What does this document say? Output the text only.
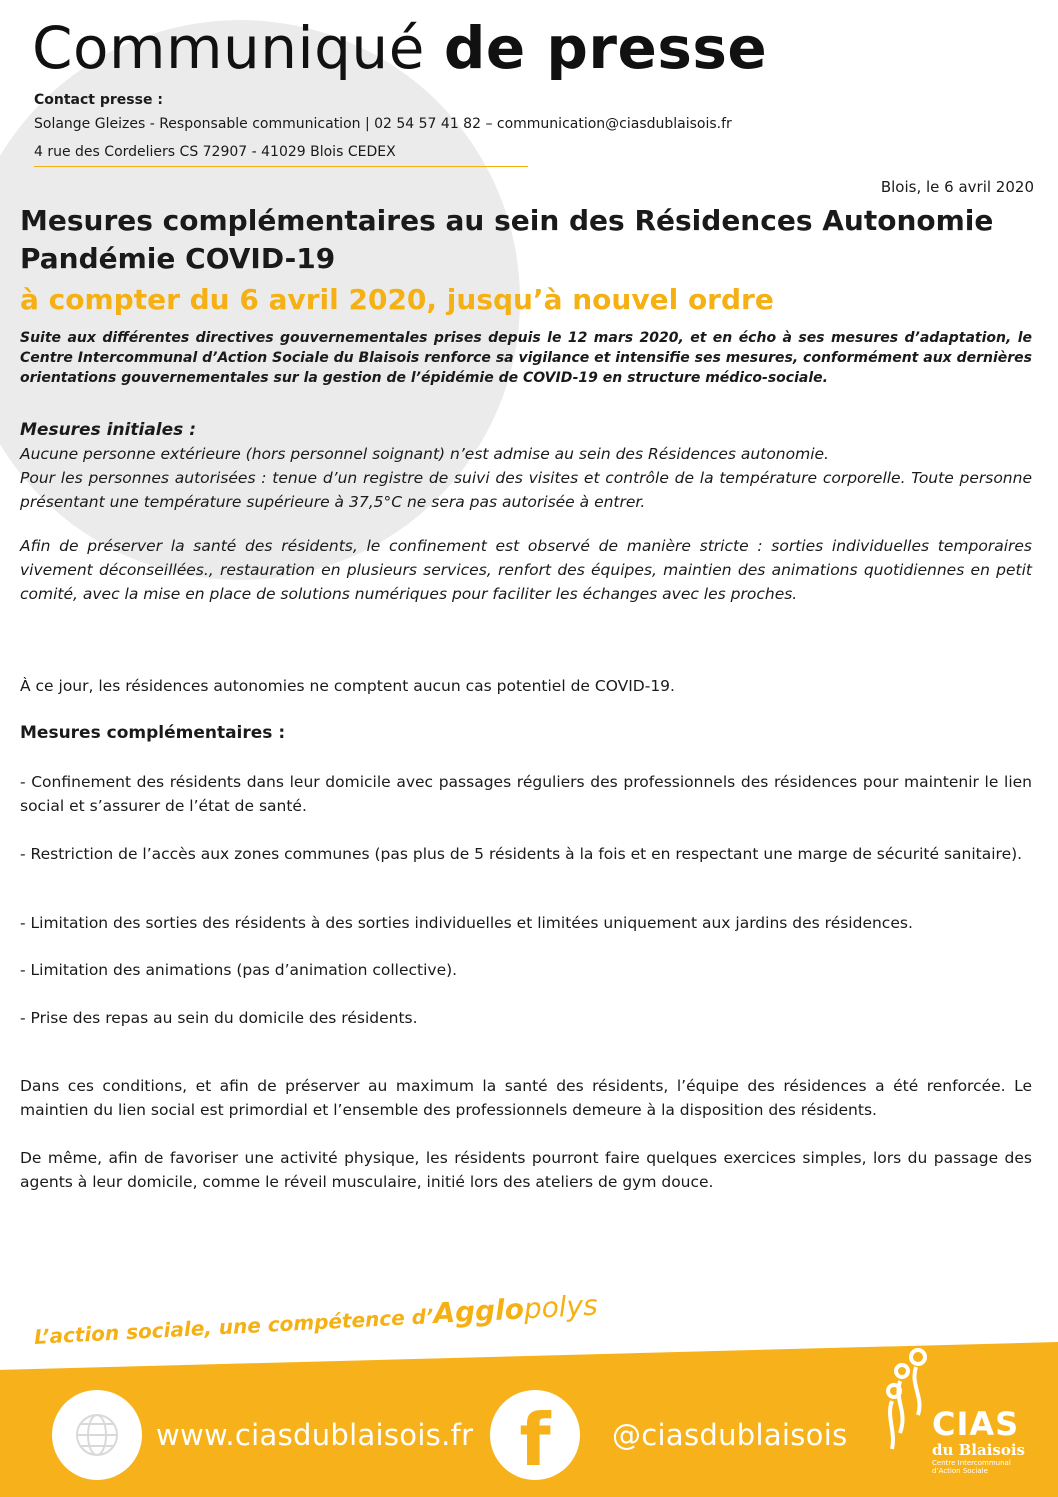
Communiqué de presse
Contact presse :
Solange Gleizes - Responsable communication | 02 54 57 41 82 – communication@ciasdublaisois.fr
4 rue des Cordeliers CS 72907 - 41029 Blois CEDEX
Blois, le 6 avril 2020
Mesures complémentaires au sein des Résidences Autonomie
Pandémie COVID-19
à compter du 6 avril 2020, jusqu’à nouvel ordre

Suite aux différentes directives gouvernementales prises depuis le 12 mars 2020, et en écho à ses mesures d’adaptation, le Centre Intercommunal d’Action Sociale du Blaisois renforce sa vigilance et intensifie ses mesures, conformément aux dernières orientations gouvernementales sur la gestion de l’épidémie de COVID-19 en structure médico-sociale.

Mesures initiales :

Aucune personne extérieure (hors personnel soignant) n’est admise au sein des Résidences autonomie.

Pour les personnes autorisées : tenue d’un registre de suivi des visites et contrôle de la température corporelle. Toute personne présentant une température supérieure à 37,5°C ne sera pas autorisée à entrer.

Afin de préserver la santé des résidents, le confinement est observé de manière stricte : sorties individuelles temporaires vivement déconseillées., restauration en plusieurs services, renfort des équipes, maintien des animations quotidiennes en petit comité, avec la mise en place de solutions numériques pour faciliter les échanges avec les proches.

À ce jour, les résidences autonomies ne comptent aucun cas potentiel de COVID-19.

Mesures complémentaires :

- Confinement des résidents dans leur domicile avec passages réguliers des professionnels des résidences pour maintenir le lien social et s’assurer de l’état de santé.

- Restriction de l’accès aux zones communes (pas plus de 5 résidents à la fois et en respectant une marge de sécurité sanitaire).

- Limitation des sorties des résidents à des sorties individuelles et limitées uniquement aux jardins des résidences.

- Limitation des animations (pas d’animation collective).

- Prise des repas au sein du domicile des résidents.

Dans ces conditions, et afin de préserver au maximum la santé des résidents, l’équipe des résidences a été renforcée. Le maintien du lien social est primordial et l’ensemble des professionnels demeure à la disposition des résidents.

De même, afin de favoriser une activité physique, les résidents pourront faire quelques exercices simples, lors du passage des agents à leur domicile, comme le réveil musculaire, initié lors des ateliers de gym douce.

L’action sociale, une compétence d’Agglopolys
www.ciasdublaisois.fr f @ciasdublaisois	CIAS
du Blaisois
Centre Intercommunal d’Action Sociale
